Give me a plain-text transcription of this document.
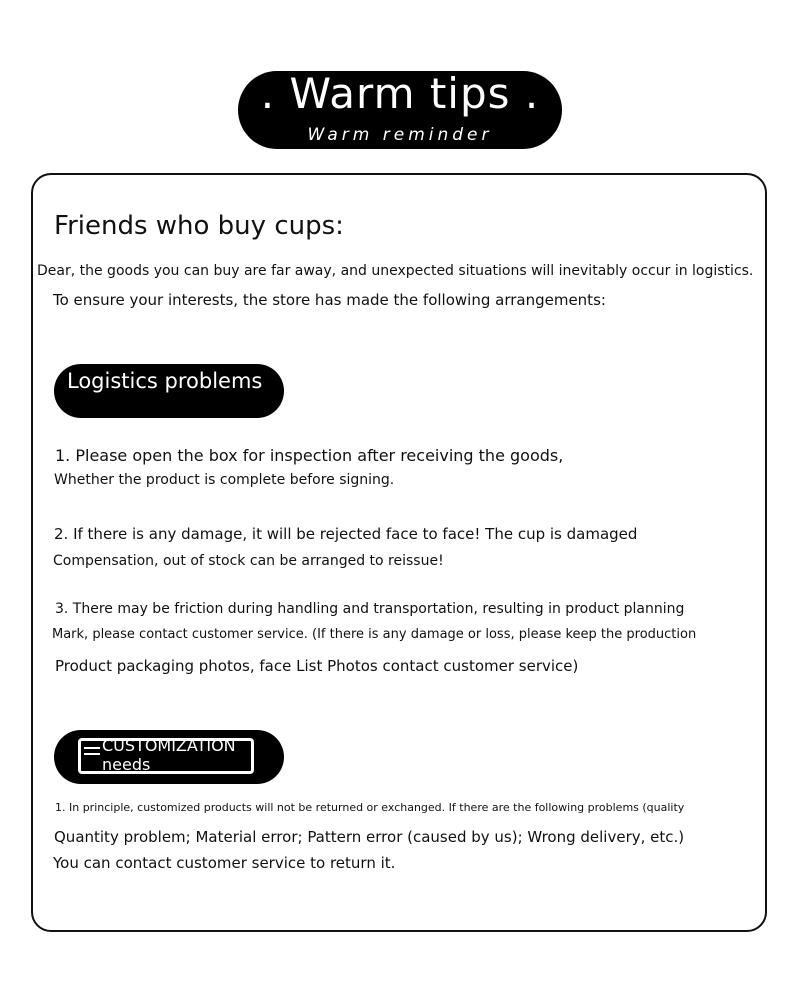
. Warm tips .
Warm reminder

Friends who buy cups:

Dear, the goods you can buy are far away, and unexpected situations will inevitably occur in logistics.

To ensure your interests, the store has made the following arrangements:

Logistics problems

1. Please open the box for inspection after receiving the goods,

Whether the product is complete before signing.

2. If there is any damage, it will be rejected face to face! The cup is damaged

Compensation, out of stock can be arranged to reissue!

3. There may be friction during handling and transportation, resulting in product planning

Mark, please contact customer service. (If there is any damage or loss, please keep the production

Product packaging photos, face List Photos contact customer service)

CUSTOMIZATION
needs

1. In principle, customized products will not be returned or exchanged. If there are the following problems (quality

Quantity problem; Material error; Pattern error (caused by us); Wrong delivery, etc.)

You can contact customer service to return it.
